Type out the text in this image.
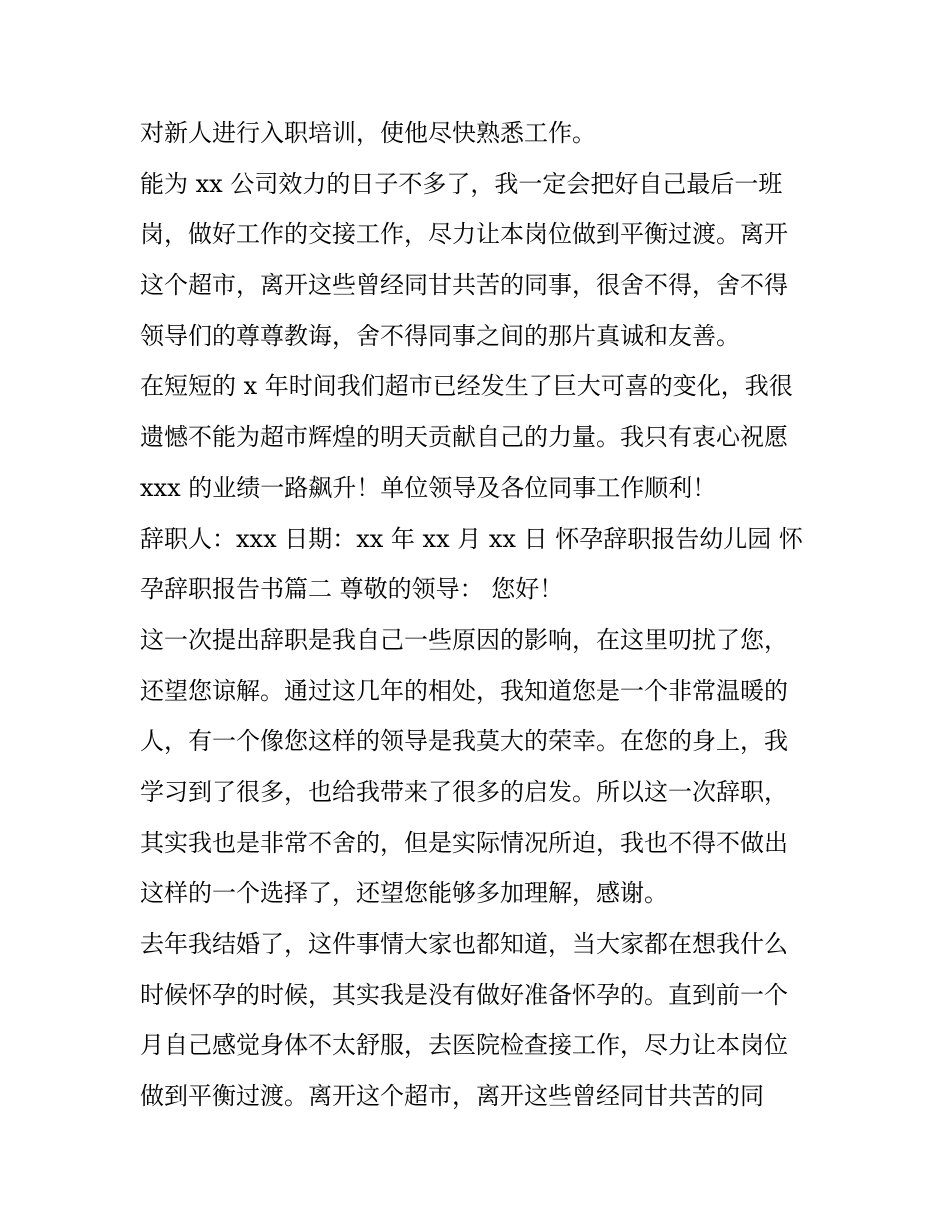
对新人进行入职培训，使他尽快熟悉工作。
能为 xx 公司效力的日子不多了，我一定会把好自己最后一班
岗，做好工作的交接工作，尽力让本岗位做到平衡过渡。离开
这个超市，离开这些曾经同甘共苦的同事，很舍不得，舍不得
领导们的尊尊教诲，舍不得同事之间的那片真诚和友善。
在短短的 x 年时间我们超市已经发生了巨大可喜的变化，我很
遗憾不能为超市辉煌的明天贡献自己的力量。我只有衷心祝愿
xxx 的业绩一路飙升！单位领导及各位同事工作顺利！
辞职人：xxx 日期：xx 年 xx 月 xx 日 怀孕辞职报告幼儿园 怀
孕辞职报告书篇二 尊敬的领导： 您好！
这一次提出辞职是我自己一些原因的影响，在这里叨扰了您，
还望您谅解。通过这几年的相处，我知道您是一个非常温暖的
人，有一个像您这样的领导是我莫大的荣幸。在您的身上，我
学习到了很多，也给我带来了很多的启发。所以这一次辞职，
其实我也是非常不舍的，但是实际情况所迫，我也不得不做出
这样的一个选择了，还望您能够多加理解，感谢。
去年我结婚了，这件事情大家也都知道，当大家都在想我什么
时候怀孕的时候，其实我是没有做好准备怀孕的。直到前一个
月自己感觉身体不太舒服，去医院检查接工作，尽力让本岗位
做到平衡过渡。离开这个超市，离开这些曾经同甘共苦的同
